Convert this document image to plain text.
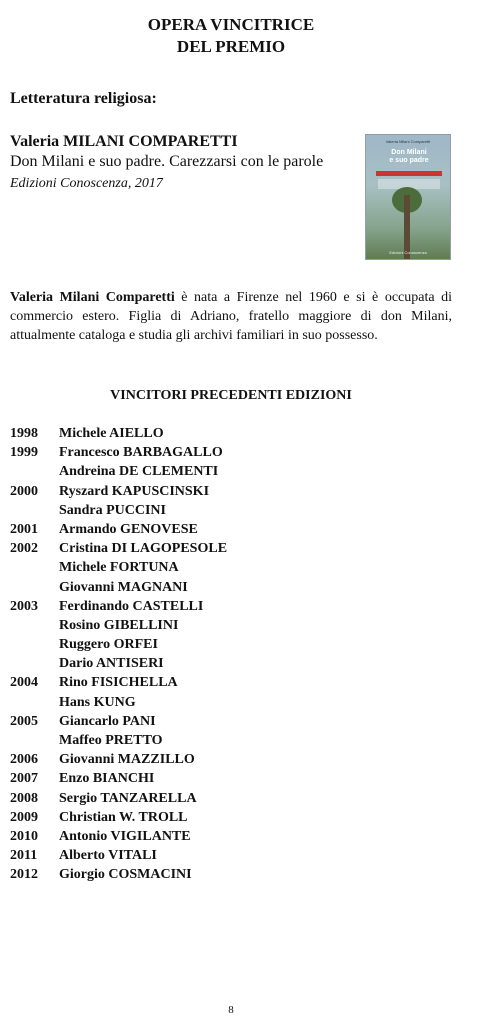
OPERA VINCITRICE
DEL PREMIO
Letteratura religiosa:
Valeria MILANI COMPARETTI
Don Milani e suo padre. Carezzarsi con le parole
Edizioni Conoscenza, 2017
Valeria Milani Comparetti
Don Milani
e suo padre
Edizioni Conoscenza
Valeria Milani Comparetti è nata a Firenze nel 1960 e si è occupata di commercio estero. Figlia di Adriano, fratello maggiore di don Milani, attualmente cataloga e studia gli archivi familiari in suo possesso.
VINCITORI PRECEDENTI EDIZIONI
1998 Michele AIELLO
1999 Francesco BARBAGALLO
Andreina DE CLEMENTI
2000 Ryszard KAPUSCINSKI
Sandra PUCCINI
2001 Armando GENOVESE
2002 Cristina DI LAGOPESOLE
Michele FORTUNA
Giovanni MAGNANI
2003 Ferdinando CASTELLI
Rosino GIBELLINI
Ruggero ORFEI
Dario ANTISERI
2004 Rino FISICHELLA
Hans KUNG
2005 Giancarlo PANI
Maffeo PRETTO
2006 Giovanni MAZZILLO
2007 Enzo BIANCHI
2008 Sergio TANZARELLA
2009 Christian W. TROLL
2010 Antonio VIGILANTE
2011 Alberto VITALI
2012 Giorgio COSMACINI
8
